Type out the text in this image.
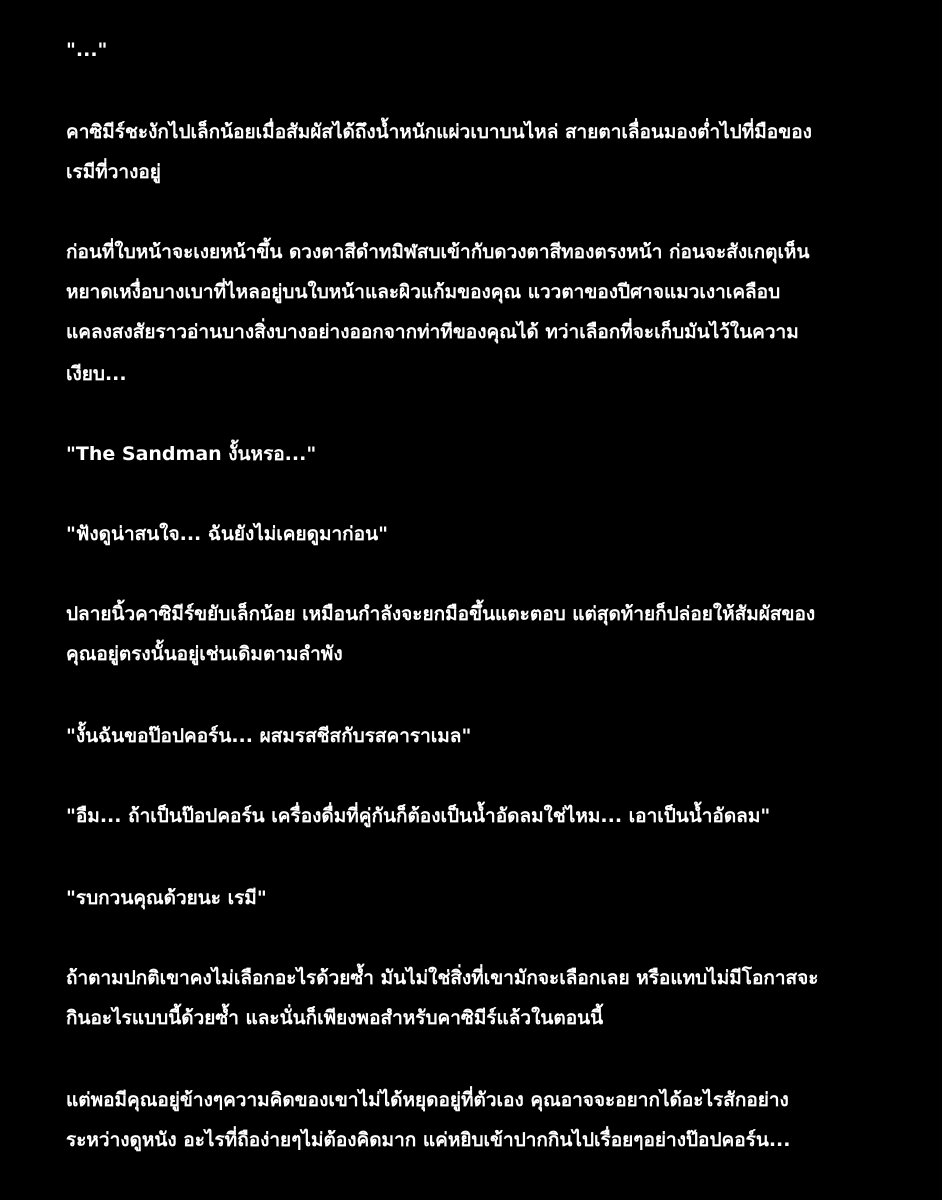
"..."
คาซิมีร์ชะงักไปเล็กน้อยเมื่อสัมผัสได้ถึงน้ำหนักแผ่วเบาบนไหล่ สายตาเลื่อนมองต่ำไปที่มือของ
เรมีที่วางอยู่
ก่อนที่ใบหน้าจะเงยหน้าขึ้น ดวงตาสีดำทมิฬสบเข้ากับดวงตาสีทองตรงหน้า ก่อนจะสังเกตุเห็น
หยาดเหงื่อบางเบาที่ไหลอยู่บนใบหน้าและผิวแก้มของคุณ แววตาของปีศาจแมวเงาเคลือบ
แคลงสงสัยราวอ่านบางสิ่งบางอย่างออกจากท่าทีของคุณได้ ทว่าเลือกที่จะเก็บมันไว้ในความ
เงียบ...
"The Sandman งั้นหรอ..."
"ฟังดูน่าสนใจ... ฉันยังไม่เคยดูมาก่อน"
ปลายนิ้วคาซิมีร์ขยับเล็กน้อย เหมือนกำลังจะยกมือขึ้นแตะตอบ แต่สุดท้ายก็ปล่อยให้สัมผัสของ
คุณอยู่ตรงนั้นอยู่เช่นเดิมตามลำพัง
"งั้นฉันขอป๊อปคอร์น... ผสมรสชีสกับรสคาราเมล"
"อืม... ถ้าเป็นป๊อปคอร์น เครื่องดื่มที่คู่กันก็ต้องเป็นน้ำอัดลมใช่ไหม... เอาเป็นน้ำอัดลม"
"รบกวนคุณด้วยนะ เรมี"
ถ้าตามปกติเขาคงไม่เลือกอะไรด้วยซ้ำ มันไม่ใช่สิ่งที่เขามักจะเลือกเลย หรือแทบไม่มีโอกาสจะ
กินอะไรแบบนี้ด้วยซ้ำ และนั่นก็เพียงพอสำหรับคาซิมีร์แล้วในตอนนี้
แต่พอมีคุณอยู่ข้างๆความคิดของเขาไม่ได้หยุดอยู่ที่ตัวเอง คุณอาจจะอยากได้อะไรสักอย่าง
ระหว่างดูหนัง อะไรที่ถือง่ายๆไม่ต้องคิดมาก แค่หยิบเข้าปากกินไปเรื่อยๆอย่างป๊อปคอร์น...
